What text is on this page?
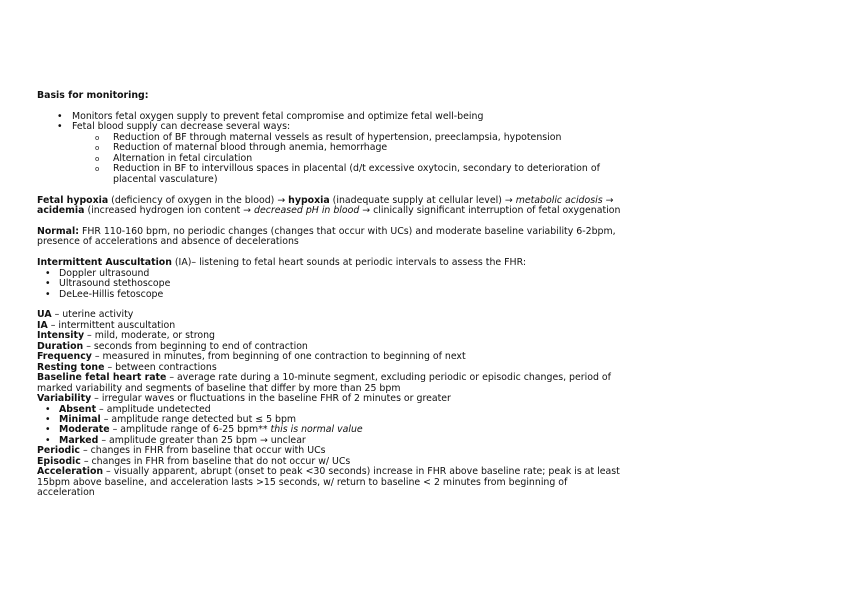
Basis for monitoring:
• Monitors fetal oxygen supply to prevent fetal compromise and optimize fetal well-being
• Fetal blood supply can decrease several ways:
o Reduction of BF through maternal vessels as result of hypertension, preeclampsia, hypotension
o Reduction of maternal blood through anemia, hemorrhage
o Alternation in fetal circulation
o Reduction in BF to intervillous spaces in placental (d/t excessive oxytocin, secondary to deterioration of
placental vasculature)
Fetal hypoxia (deficiency of oxygen in the blood) → hypoxia (inadequate supply at cellular level) → metabolic acidosis →
acidemia (increased hydrogen ion content → decreased pH in blood → clinically significant interruption of fetal oxygenation
Normal: FHR 110-160 bpm, no periodic changes (changes that occur with UCs) and moderate baseline variability 6-2bpm,
presence of accelerations and absence of decelerations
Intermittent Auscultation (IA)– listening to fetal heart sounds at periodic intervals to assess the FHR:
• Doppler ultrasound
• Ultrasound stethoscope
• DeLee-Hillis fetoscope
UA – uterine activity
IA – intermittent auscultation
Intensity – mild, moderate, or strong
Duration – seconds from beginning to end of contraction
Frequency – measured in minutes, from beginning of one contraction to beginning of next
Resting tone – between contractions
Baseline fetal heart rate – average rate during a 10-minute segment, excluding periodic or episodic changes, period of
marked variability and segments of baseline that differ by more than 25 bpm
Variability – irregular waves or fluctuations in the baseline FHR of 2 minutes or greater
• Absent – amplitude undetected
• Minimal – amplitude range detected but ≤ 5 bpm
• Moderate – amplitude range of 6-25 bpm** this is normal value
• Marked – amplitude greater than 25 bpm → unclear
Periodic – changes in FHR from baseline that occur with UCs
Episodic – changes in FHR from baseline that do not occur w/ UCs
Acceleration – visually apparent, abrupt (onset to peak <30 seconds) increase in FHR above baseline rate; peak is at least
15bpm above baseline, and acceleration lasts >15 seconds, w/ return to baseline < 2 minutes from beginning of
acceleration
